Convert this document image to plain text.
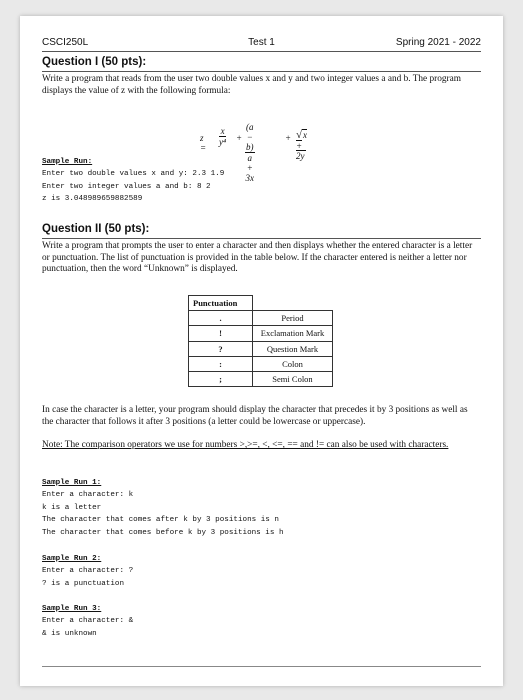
CSCI250L	Test 1	Spring 2021 - 2022
Question I (50 pts):
Write a program that reads from the user two double values x and y and two integer values a and b. The program displays the value of z with the following formula:
z =
$\frac{x}{\text{y⁴}} + \frac{(a - b)}{a + 3x}$	+ √x + 2y
Sample Run:
Enter two double values x and y: 2.3 1.9
Enter two integer values a and b: 8 2
z is 3.048989659882589
Question II (50 pts):
Write a program that prompts the user to enter a character and then displays whether the entered character is a letter or punctuation. The list of punctuation is provided in the table below. If the character entered is neither a letter nor punctuation, then the word “Unknown” is displayed.
Punctuation	
.	Period
!	Exclamation Mark
?	Question Mark
:	Colon
;	Semi Colon
In case the character is a letter, your program should display the character that precedes it by 3 positions as well as the character that follows it after 3 positions (a letter could be lowercase or uppercase).
Note: The comparison operators we use for numbers >,>=, <, <=, == and != can also be used with characters.
Sample Run 1:
Enter a character: k
k is a letter
The character that comes after k by 3 positions is n
The character that comes before k by 3 positions is h
Sample Run 2:
Enter a character: ?
? is a punctuation
Sample Run 3:
Enter a character: &
& is unknown
